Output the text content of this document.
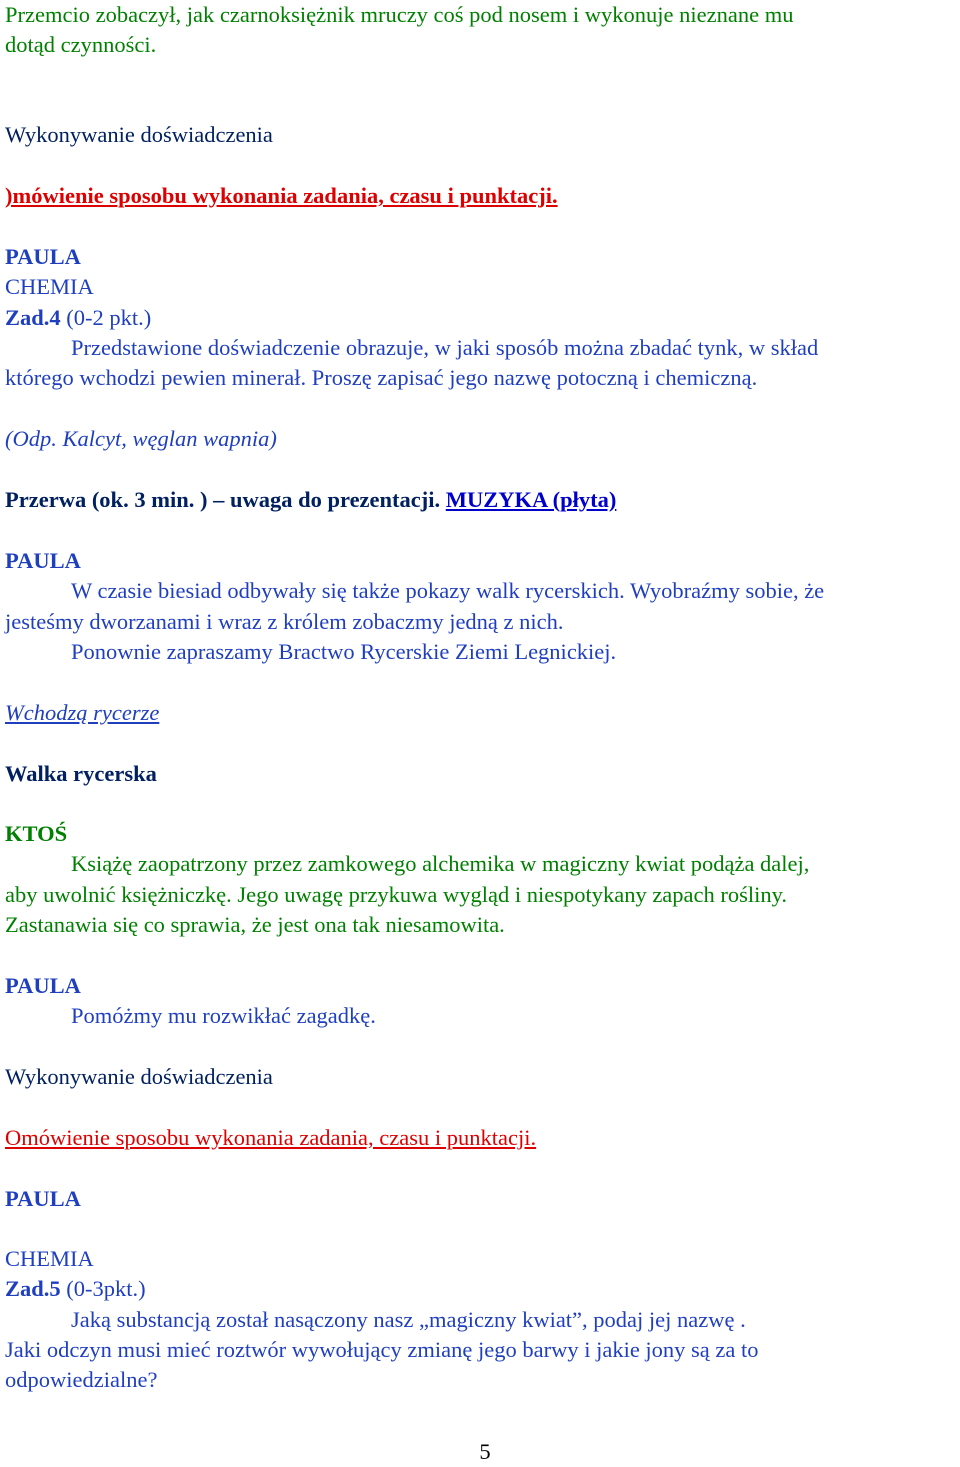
Przemcio zobaczył, jak czarnoksiężnik mruczy coś pod nosem i wykonuje nieznane mu
dotąd czynności.

Wykonywanie doświadczenia

)mówienie sposobu wykonania zadania, czasu i punktacji.

PAULA
CHEMIA
Zad.4 (0-2 pkt.)
Przedstawione doświadczenie obrazuje, w jaki sposób można zbadać tynk, w skład
którego wchodzi pewien minerał. Proszę zapisać jego nazwę potoczną i chemiczną.

(Odp. Kalcyt, węglan wapnia)

Przerwa (ok. 3 min. ) – uwaga do prezentacji. MUZYKA (płyta)

PAULA
W czasie biesiad odbywały się także pokazy walk rycerskich. Wyobraźmy sobie, że
jesteśmy dworzanami i wraz z królem zobaczmy jedną z nich.
Ponownie zapraszamy Bractwo Rycerskie Ziemi Legnickiej.

Wchodzą rycerze

Walka rycerska

KTOŚ
Książę zaopatrzony przez zamkowego alchemika w magiczny kwiat podąża dalej,
aby uwolnić księżniczkę. Jego uwagę przykuwa wygląd i niespotykany zapach rośliny.
Zastanawia się co sprawia, że jest ona tak niesamowita.

PAULA
Pomóżmy mu rozwikłać zagadkę.

Wykonywanie doświadczenia

Omówienie sposobu wykonania zadania, czasu i punktacji.

PAULA

CHEMIA
Zad.5 (0-3pkt.)
Jaką substancją został nasączony nasz „magiczny kwiat”, podaj jej nazwę .
Jaki odczyn musi mieć roztwór wywołujący zmianę jego barwy i jakie jony są za to
odpowiedzialne?

5
